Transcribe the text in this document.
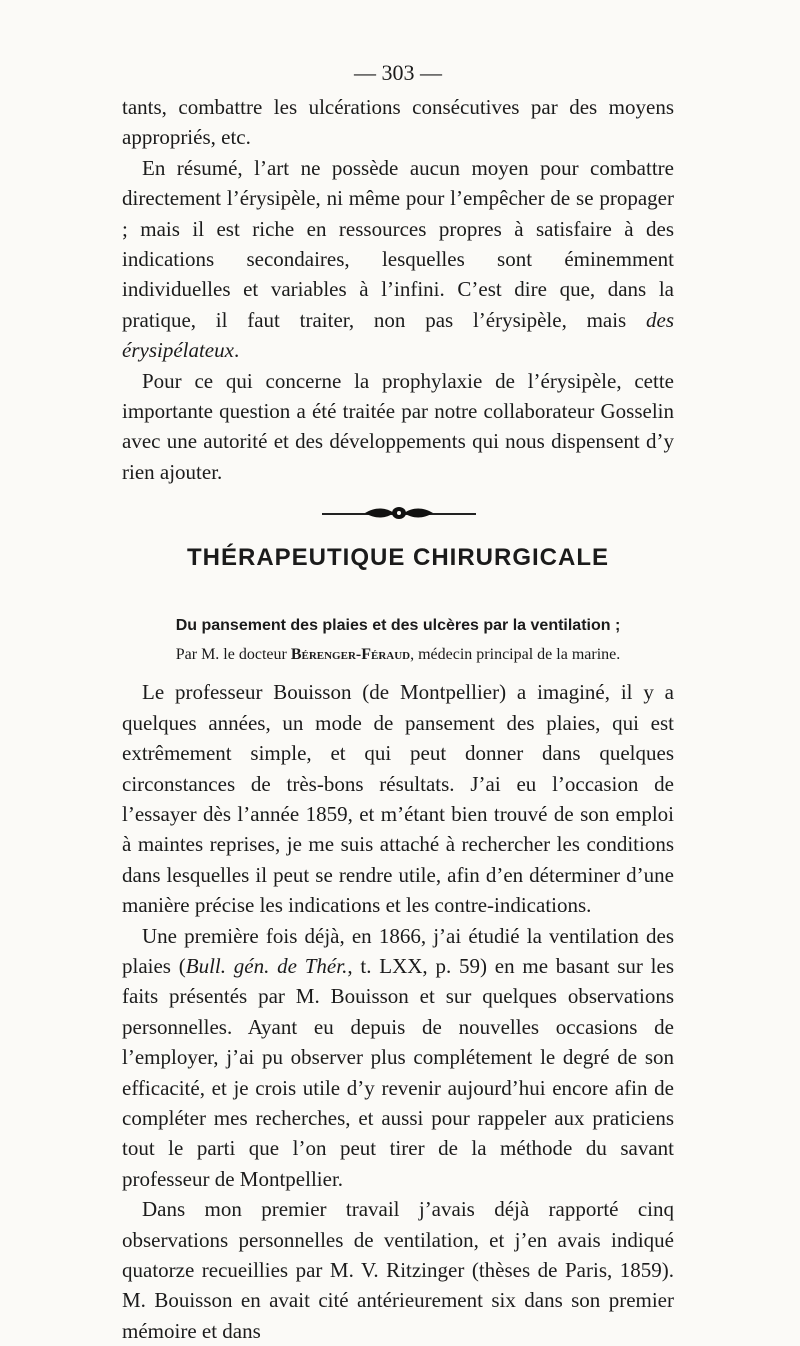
— 303 —

tants, combattre les ulcérations consécutives par des moyens appropriés, etc.

En résumé, l’art ne possède aucun moyen pour combattre directement l’érysipèle, ni même pour l’empêcher de se propager ; mais il est riche en ressources propres à satisfaire à des indications secondaires, lesquelles sont éminemment individuelles et variables à l’infini. C’est dire que, dans la pratique, il faut traiter, non pas l’érysipèle, mais des érysipélateux.

Pour ce qui concerne la prophylaxie de l’érysipèle, cette importante question a été traitée par notre collaborateur Gosselin avec une autorité et des développements qui nous dispensent d’y rien ajouter.

THÉRAPEUTIQUE CHIRURGICALE
Du pansement des plaies et des ulcères par la ventilation ;
Par M. le docteur Bérenger-Féraud, médecin principal de la marine.

Le professeur Bouisson (de Montpellier) a imaginé, il y a quelques années, un mode de pansement des plaies, qui est extrêmement simple, et qui peut donner dans quelques circonstances de très-bons résultats. J’ai eu l’occasion de l’essayer dès l’année 1859, et m’étant bien trouvé de son emploi à maintes reprises, je me suis attaché à rechercher les conditions dans lesquelles il peut se rendre utile, afin d’en déterminer d’une manière précise les indications et les contre-indications.

Une première fois déjà, en 1866, j’ai étudié la ventilation des plaies (Bull. gén. de Thér., t. LXX, p. 59) en me basant sur les faits présentés par M. Bouisson et sur quelques observations personnelles. Ayant eu depuis de nouvelles occasions de l’employer, j’ai pu observer plus complétement le degré de son efficacité, et je crois utile d’y revenir aujourd’hui encore afin de compléter mes recherches, et aussi pour rappeler aux praticiens tout le parti que l’on peut tirer de la méthode du savant professeur de Montpellier.

Dans mon premier travail j’avais déjà rapporté cinq observations personnelles de ventilation, et j’en avais indiqué quatorze recueillies par M. V. Ritzinger (thèses de Paris, 1859). M. Bouisson en avait cité antérieurement six dans son premier mémoire et dans
